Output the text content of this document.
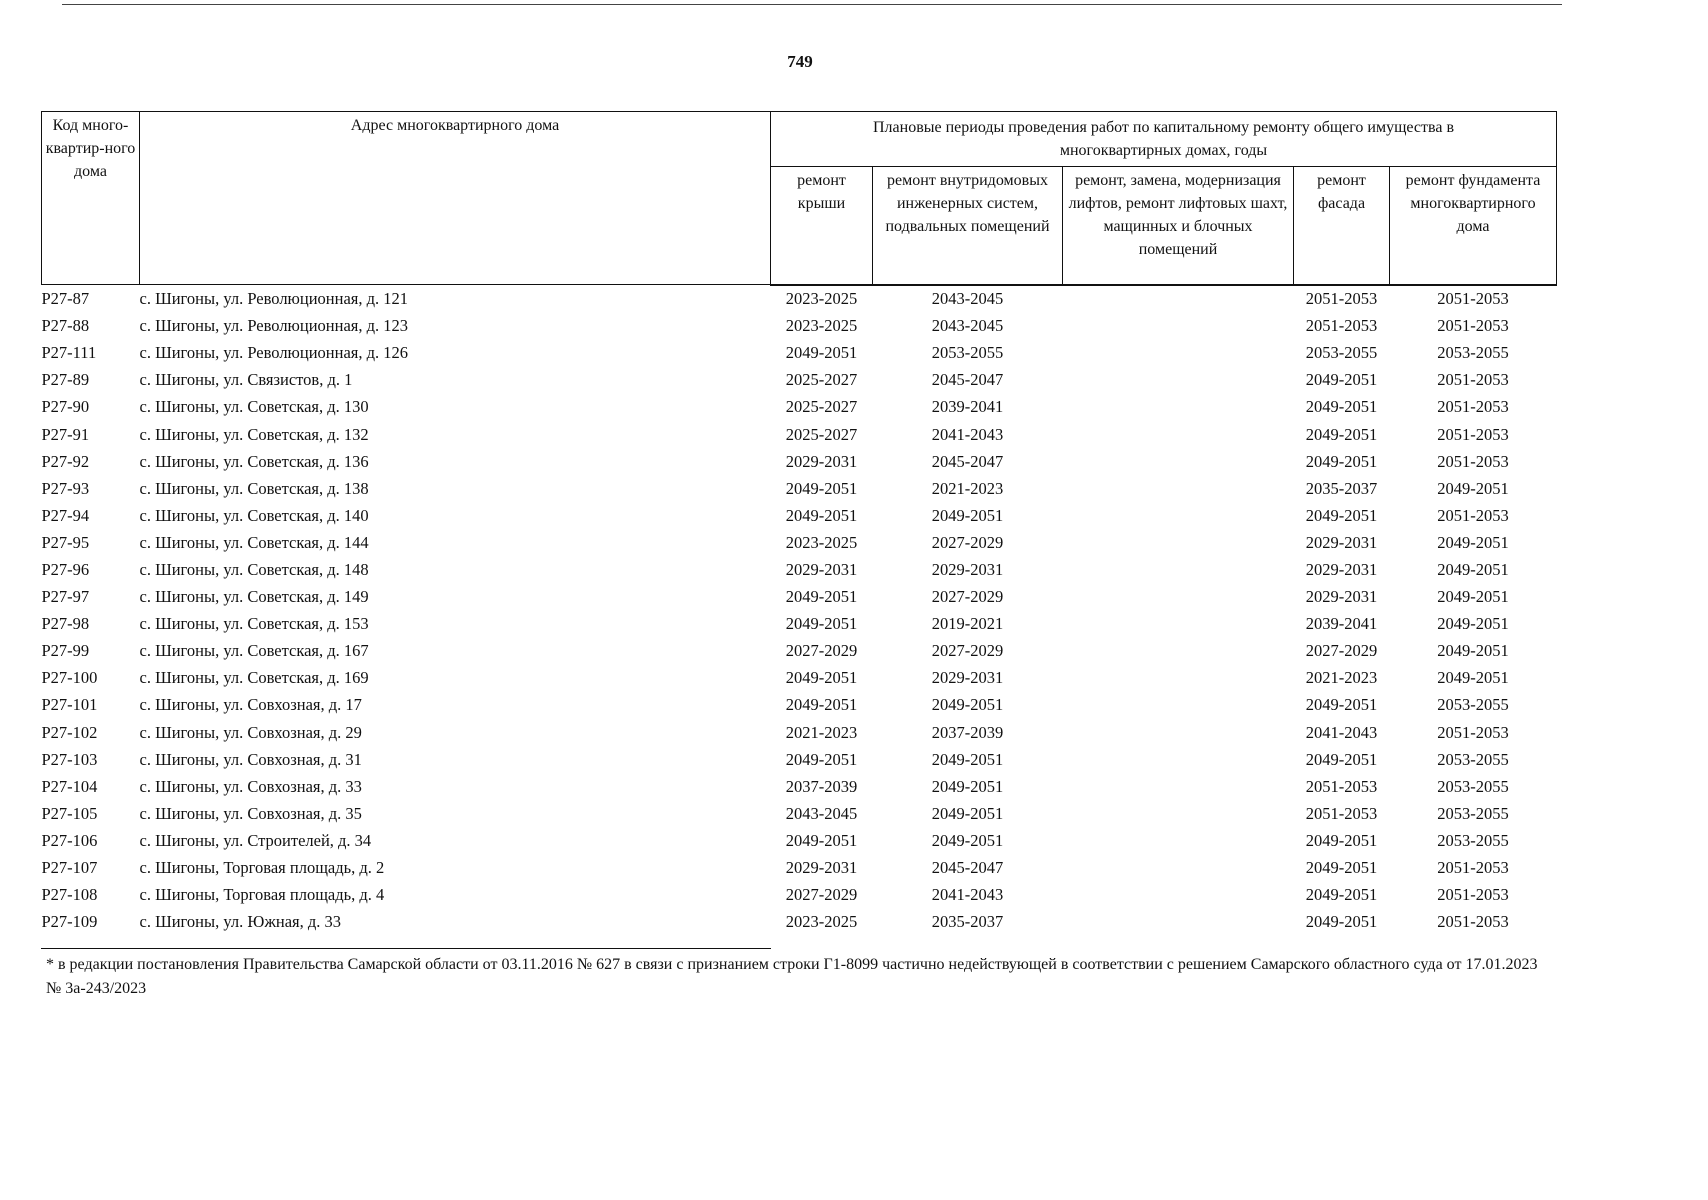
749
Код много-квартир-ного дома	Адрес многоквартирного дома	Плановые периоды проведения работ по капитальному ремонту общего имущества в многоквартирных домах, годы				
		ремонт крыши	ремонт внутридомовых инженерных систем, подвальных помещений	ремонт, замена, модернизация лифтов, ремонт лифтовых шахт, мащинных и блочных помещений	ремонт фасада	ремонт фундамента многоквартирного дома
Р27-87	с. Шигоны, ул. Революционная, д. 121	2023-2025	2043-2045		2051-2053	2051-2053
Р27-88	с. Шигоны, ул. Революционная, д. 123	2023-2025	2043-2045		2051-2053	2051-2053
Р27-111	с. Шигоны, ул. Революционная, д. 126	2049-2051	2053-2055		2053-2055	2053-2055
Р27-89	с. Шигоны, ул. Связистов, д. 1	2025-2027	2045-2047		2049-2051	2051-2053
Р27-90	с. Шигоны, ул. Советская, д. 130	2025-2027	2039-2041		2049-2051	2051-2053
Р27-91	с. Шигоны, ул. Советская, д. 132	2025-2027	2041-2043		2049-2051	2051-2053
Р27-92	с. Шигоны, ул. Советская, д. 136	2029-2031	2045-2047		2049-2051	2051-2053
Р27-93	с. Шигоны, ул. Советская, д. 138	2049-2051	2021-2023		2035-2037	2049-2051
Р27-94	с. Шигоны, ул. Советская, д. 140	2049-2051	2049-2051		2049-2051	2051-2053
Р27-95	с. Шигоны, ул. Советская, д. 144	2023-2025	2027-2029		2029-2031	2049-2051
Р27-96	с. Шигоны, ул. Советская, д. 148	2029-2031	2029-2031		2029-2031	2049-2051
Р27-97	с. Шигоны, ул. Советская, д. 149	2049-2051	2027-2029		2029-2031	2049-2051
Р27-98	с. Шигоны, ул. Советская, д. 153	2049-2051	2019-2021		2039-2041	2049-2051
Р27-99	с. Шигоны, ул. Советская, д. 167	2027-2029	2027-2029		2027-2029	2049-2051
Р27-100	с. Шигоны, ул. Советская, д. 169	2049-2051	2029-2031		2021-2023	2049-2051
Р27-101	с. Шигоны, ул. Совхозная, д. 17	2049-2051	2049-2051		2049-2051	2053-2055
Р27-102	с. Шигоны, ул. Совхозная, д. 29	2021-2023	2037-2039		2041-2043	2051-2053
Р27-103	с. Шигоны, ул. Совхозная, д. 31	2049-2051	2049-2051		2049-2051	2053-2055
Р27-104	с. Шигоны, ул. Совхозная, д. 33	2037-2039	2049-2051		2051-2053	2053-2055
Р27-105	с. Шигоны, ул. Совхозная, д. 35	2043-2045	2049-2051		2051-2053	2053-2055
Р27-106	с. Шигоны, ул. Строителей, д. 34	2049-2051	2049-2051		2049-2051	2053-2055
Р27-107	с. Шигоны, Торговая площадь, д. 2	2029-2031	2045-2047		2049-2051	2051-2053
Р27-108	с. Шигоны, Торговая площадь, д. 4	2027-2029	2041-2043		2049-2051	2051-2053
Р27-109	с. Шигоны, ул. Южная, д. 33	2023-2025	2035-2037		2049-2051	2051-2053
* в редакции постановления Правительства Самарской области от 03.11.2016 № 627 в связи с признанием строки Г1-8099 частично недействующей в соответствии с решением Самарского областного суда от 17.01.2023 № 3а-243/2023
